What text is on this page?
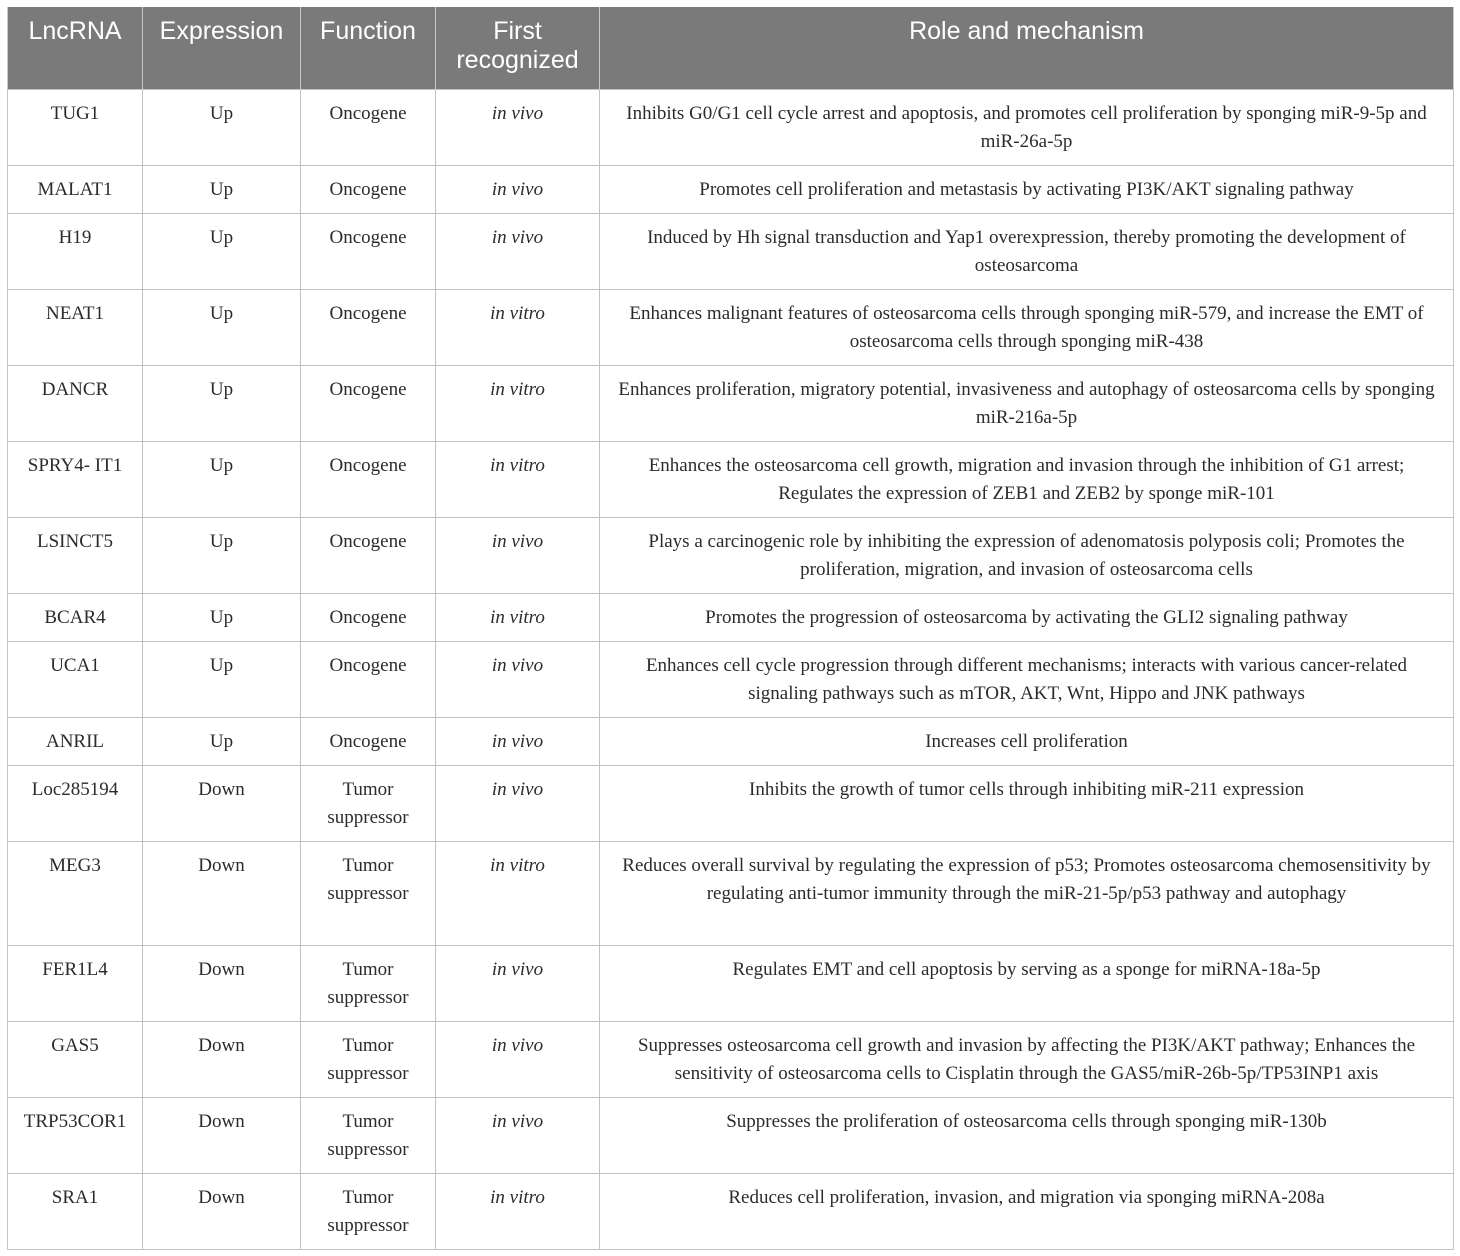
LncRNA	Expression	Function	First recognized	Role and mechanism
TUG1	Up	Oncogene	in vivo	Inhibits G0/G1 cell cycle arrest and apoptosis, and promotes cell proliferation by sponging miR-9-5p and miR-26a-5p
MALAT1	Up	Oncogene	in vivo	Promotes cell proliferation and metastasis by activating PI3K/AKT signaling pathway
H19	Up	Oncogene	in vivo	Induced by Hh signal transduction and Yap1 overexpression, thereby promoting the development of osteosarcoma
NEAT1	Up	Oncogene	in vitro	Enhances malignant features of osteosarcoma cells through sponging miR-579, and increase the EMT of osteosarcoma cells through sponging miR-438
DANCR	Up	Oncogene	in vitro	Enhances proliferation, migratory potential, invasiveness and autophagy of osteosarcoma cells by sponging miR-216a-5p
SPRY4- IT1	Up	Oncogene	in vitro	Enhances the osteosarcoma cell growth, migration and invasion through the inhibition of G1 arrest; Regulates the expression of ZEB1 and ZEB2 by sponge miR-101
LSINCT5	Up	Oncogene	in vivo	Plays a carcinogenic role by inhibiting the expression of adenomatosis polyposis coli; Promotes the proliferation, migration, and invasion of osteosarcoma cells
BCAR4	Up	Oncogene	in vitro	Promotes the progression of osteosarcoma by activating the GLI2 signaling pathway
UCA1	Up	Oncogene	in vivo	Enhances cell cycle progression through different mechanisms; interacts with various cancer-related signaling pathways such as mTOR, AKT, Wnt, Hippo and JNK pathways
ANRIL	Up	Oncogene	in vivo	Increases cell proliferation
Loc285194	Down	Tumor suppressor	in vivo	Inhibits the growth of tumor cells through inhibiting miR-211 expression
MEG3	Down	Tumor suppressor	in vitro	Reduces overall survival by regulating the expression of p53; Promotes osteosarcoma chemosensitivity by regulating anti-tumor immunity through the miR-21-5p/p53 pathway and autophagy
FER1L4	Down	Tumor suppressor	in vivo	Regulates EMT and cell apoptosis by serving as a sponge for miRNA-18a-5p
GAS5	Down	Tumor suppressor	in vivo	Suppresses osteosarcoma cell growth and invasion by affecting the PI3K/AKT pathway; Enhances the sensitivity of osteosarcoma cells to Cisplatin through the GAS5/miR-26b-5p/TP53INP1 axis
TRP53COR1	Down	Tumor suppressor	in vivo	Suppresses the proliferation of osteosarcoma cells through sponging miR-130b
SRA1	Down	Tumor suppressor	in vitro	Reduces cell proliferation, invasion, and migration via sponging miRNA-208a
